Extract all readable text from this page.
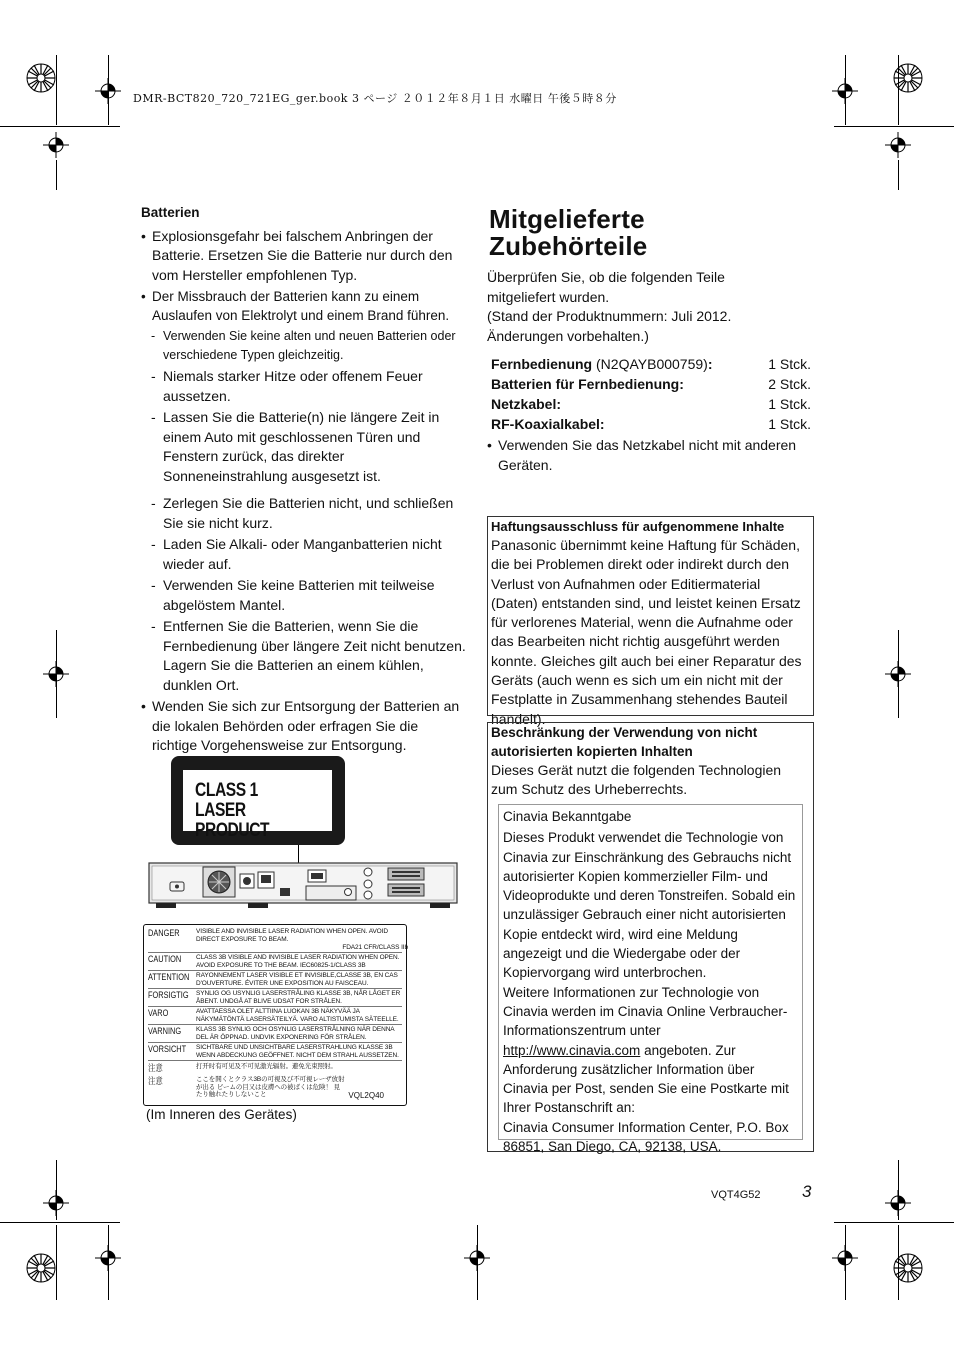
DMR-BCT820_720_721EG_ger.book 3 ページ ２０１２年８月１日 水曜日 午後５時８分
Batterien
• Explosionsgefahr bei falschem Anbringen der Batterie. Ersetzen Sie die Batterie nur durch den vom Hersteller empfohlenen Typ.
• Der Missbrauch der Batterien kann zu einem Auslaufen von Elektrolyt und einem Brand führen.
- Verwenden Sie keine alten und neuen Batterien oder verschiedene Typen gleichzeitig.
- Niemals starker Hitze oder offenem Feuer aussetzen.
- Lassen Sie die Batterie(n) nie längere Zeit in einem Auto mit geschlossenen Türen und Fenstern zurück, das direkter Sonneneinstrahlung ausgesetzt ist.
- Zerlegen Sie die Batterien nicht, und schließen Sie sie nicht kurz.
- Laden Sie Alkali- oder Manganbatterien nicht wieder auf.
- Verwenden Sie keine Batterien mit teilweise abgelöstem Mantel.
- Entfernen Sie die Batterien, wenn Sie die Fernbedienung über längere Zeit nicht benutzen. Lagern Sie die Batterien an einem kühlen, dunklen Ort.
• Wenden Sie sich zur Entsorgung der Batterien an die lokalen Behörden oder erfragen Sie die richtige Vorgehensweise zur Entsorgung.
CLASS 1
LASER PRODUCT
DANGER	VISIBLE AND INVISIBLE LASER RADIATION WHEN OPEN. AVOID DIRECT EXPOSURE TO BEAM.
FDA21 CFR/CLASS IIb
CAUTION CLASS 3B VISIBLE AND INVISIBLE LASER RADIATION WHEN OPEN. AVOID EXPOSURE TO THE BEAM. IEC60825-1/CLASS 3B
ATTENTION RAYONNEMENT LASER VISIBLE ET INVISIBLE,CLASSE 3B, EN CAS D'OUVERTURE. ÉVITER UNE EXPOSITION AU FAISCEAU.
FORSIGTIG SYNLIG OG USYNLIG LASERSTRÅLING KLASSE 3B, NÅR LÅGET ER ÅBENT. UNDGÅ AT BLIVE UDSAT FOR STRÅLEN.
VARO	AVATTAESSA OLET ALTTIINA LUOKAN 3B NÄKYVÄÄ JA NÄKYMÄTÖNTÄ LASERSÄTEILYÄ. VARO ALTISTUMISTA SÄTEELLE.
VARNING KLASS 3B SYNLIG OCH OSYNLIG LASERSTRÅLNING NÄR DENNA DEL ÄR ÖPPNAD. UNDVIK EXPONERING FÖR STRÅLEN.
VORSICHT SICHTBARE UND UNSICHTBARE LASERSTRAHLUNG KLASSE 3B WENN ABDECKUNG GEÖFFNET. NICHT DEM STRAHL AUSSETZEN.
注意	打开时有可见及不可见激光辐射。避免光束照射。
注意	ここを開くとクラス3Bの可視及び不可視レーザ放射が出る ビームの目又は皮膚への被ばくは危険！ 見たり触れたりしないこと	VQL2Q40
(Im Inneren des Gerätes)
Mitgelieferte
Zubehörteile
Überprüfen Sie, ob die folgenden Teile mitgeliefert wurden.
(Stand der Produktnummern: Juli 2012. Änderungen vorbehalten.)
Fernbedienung (N2QAYB000759):	1 Stck.
Batterien für Fernbedienung:	2 Stck.
Netzkabel:	1 Stck.
RF-Koaxialkabel:	1 Stck.
• Verwenden Sie das Netzkabel nicht mit anderen Geräten.
Haftungsausschluss für aufgenommene Inhalte
Panasonic übernimmt keine Haftung für Schäden, die bei Problemen direkt oder indirekt durch den Verlust von Aufnahmen oder Editiermaterial (Daten) entstanden sind, und leistet keinen Ersatz für verlorenes Material, wenn die Aufnahme oder das Bearbeiten nicht richtig ausgeführt werden konnte. Gleiches gilt auch bei einer Reparatur des Geräts (auch wenn es sich um ein nicht mit der Festplatte in Zusammenhang stehendes Bauteil handelt).
Beschränkung der Verwendung von nicht autorisierten kopierten Inhalten
Dieses Gerät nutzt die folgenden Technologien zum Schutz des Urheberrechts.
Cinavia Bekanntgabe
Dieses Produkt verwendet die Technologie von Cinavia zur Einschränkung des Gebrauchs nicht autorisierter Kopien kommerzieller Film- und Videoprodukte und deren Tonstreifen. Sobald ein unzulässiger Gebrauch einer nicht autorisierten Kopie entdeckt wird, wird eine Meldung angezeigt und die Wiedergabe oder der Kopiervorgang wird unterbrochen.
Weitere Informationen zur Technologie von Cinavia werden im Cinavia Online Verbraucher-Informationszentrum unter http://www.cinavia.com angeboten. Zur Anforderung zusätzlicher Information über Cinavia per Post, senden Sie eine Postkarte mit Ihrer Postanschrift an:
Cinavia Consumer Information Center, P.O. Box 86851, San Diego, CA, 92138, USA.
VQT4G52 3
